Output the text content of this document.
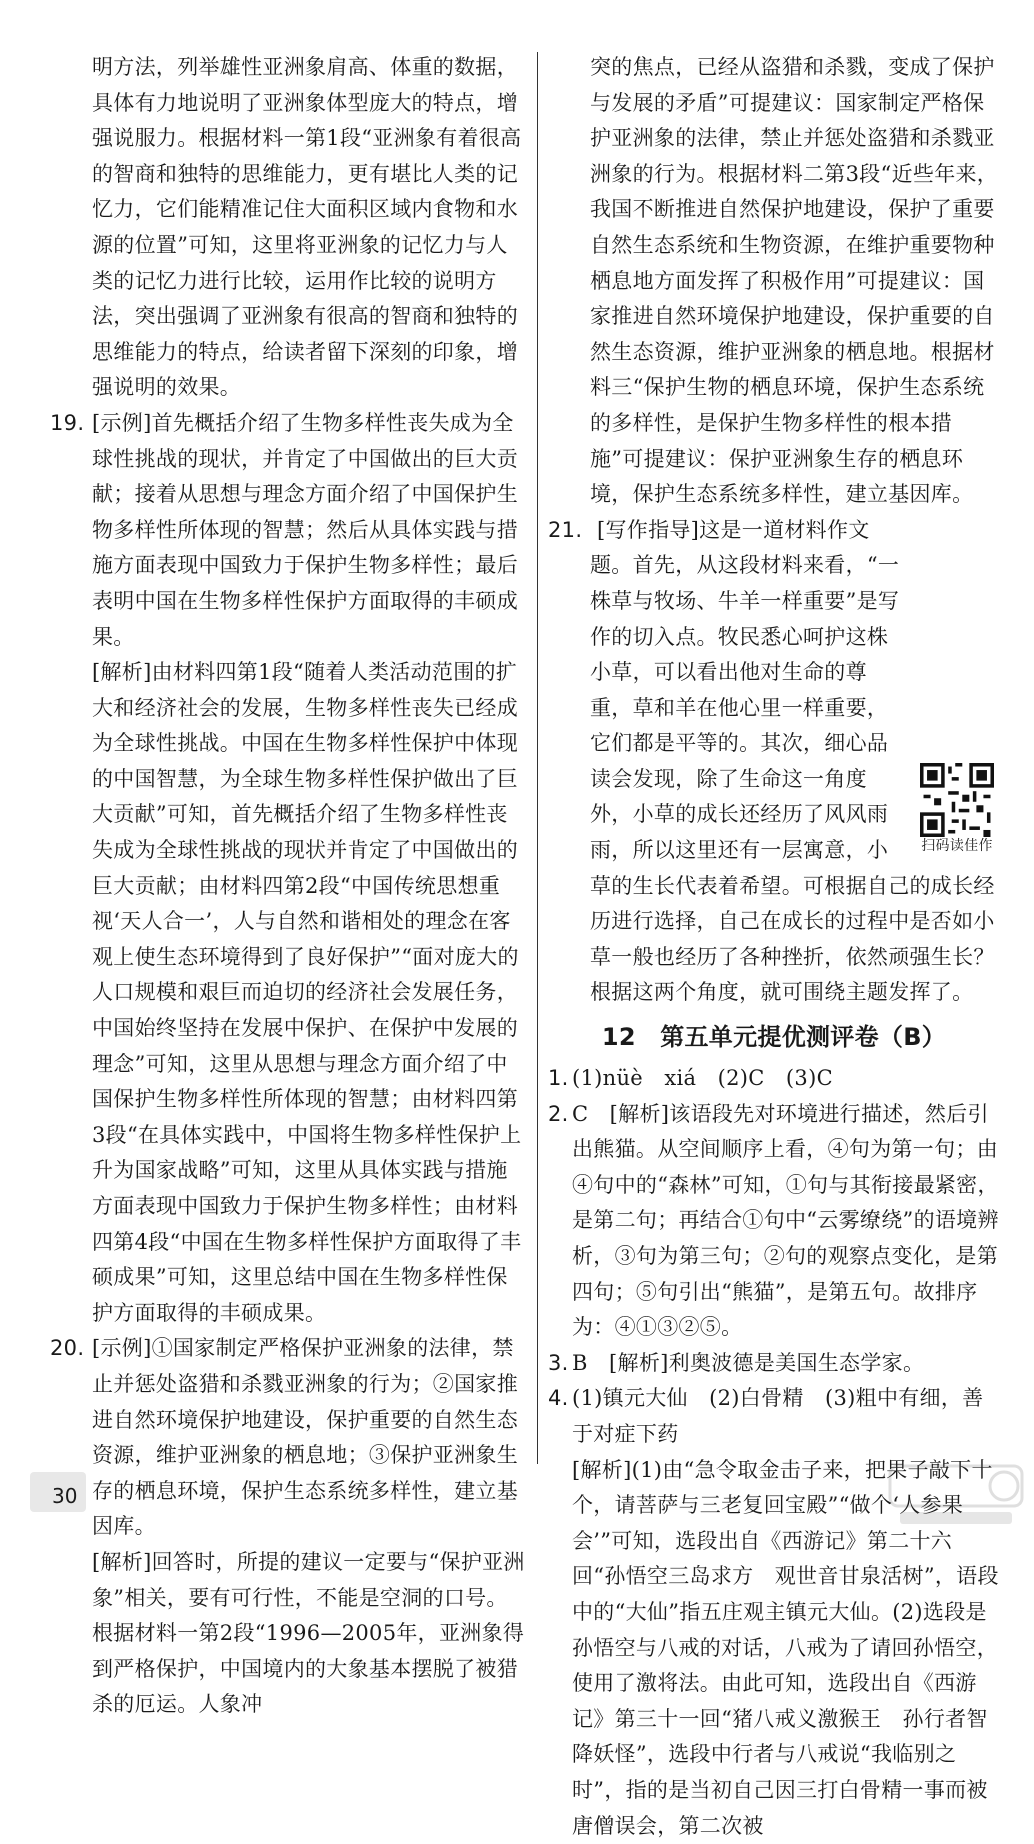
30

明方法，列举雄性亚洲象肩高、体重的数据，具体有力地说明了亚洲象体型庞大的特点，增强说服力。根据材料一第1段“亚洲象有着很高的智商和独特的思维能力，更有堪比人类的记忆力，它们能精准记住大面积区域内食物和水源的位置”可知，这里将亚洲象的记忆力与人类的记忆力进行比较，运用作比较的说明方法，突出强调了亚洲象有很高的智商和独特的思维能力的特点，给读者留下深刻的印象，增强说明的效果。

19. [示例]首先概括介绍了生物多样性丧失成为全球性挑战的现状，并肯定了中国做出的巨大贡献；接着从思想与理念方面介绍了中国保护生物多样性所体现的智慧；然后从具体实践与措施方面表现中国致力于保护生物多样性；最后表明中国在生物多样性保护方面取得的丰硕成果。

[解析]由材料四第1段“随着人类活动范围的扩大和经济社会的发展，生物多样性丧失已经成为全球性挑战。中国在生物多样性保护中体现的中国智慧，为全球生物多样性保护做出了巨大贡献”可知，首先概括介绍了生物多样性丧失成为全球性挑战的现状并肯定了中国做出的巨大贡献；由材料四第2段“中国传统思想重视‘天人合一’，人与自然和谐相处的理念在客观上使生态环境得到了良好保护”“面对庞大的人口规模和艰巨而迫切的经济社会发展任务，中国始终坚持在发展中保护、在保护中发展的理念”可知，这里从思想与理念方面介绍了中国保护生物多样性所体现的智慧；由材料四第3段“在具体实践中，中国将生物多样性保护上升为国家战略”可知，这里从具体实践与措施方面表现中国致力于保护生物多样性；由材料四第4段“中国在生物多样性保护方面取得了丰硕成果”可知，这里总结中国在生物多样性保护方面取得的丰硕成果。

20. [示例]①国家制定严格保护亚洲象的法律，禁止并惩处盗猎和杀戮亚洲象的行为；②国家推进自然环境保护地建设，保护重要的自然生态资源，维护亚洲象的栖息地；③保护亚洲象生存的栖息环境，保护生态系统多样性，建立基因库。

[解析]回答时，所提的建议一定要与“保护亚洲象”相关，要有可行性，不能是空洞的口号。根据材料一第2段“1996—2005年，亚洲象得到严格保护，中国境内的大象基本摆脱了被猎杀的厄运。人象冲

突的焦点，已经从盗猎和杀戮，变成了保护与发展的矛盾”可提建议：国家制定严格保护亚洲象的法律，禁止并惩处盗猎和杀戮亚洲象的行为。根据材料二第3段“近些年来，我国不断推进自然保护地建设，保护了重要自然生态系统和生物资源，在维护重要物种栖息地方面发挥了积极作用”可提建议：国家推进自然环境保护地建设，保护重要的自然生态资源，维护亚洲象的栖息地。根据材料三“保护生物的栖息环境，保护生态系统的多样性，是保护生物多样性的根本措施”可提建议：保护亚洲象生存的栖息环境，保护生态系统多样性，建立基因库。

21.
扫码读佳作
[写作指导]这是一道材料作文题。首先，从这段材料来看，“一株草与牧场、牛羊一样重要”是写作的切入点。牧民悉心呵护这株小草，可以看出他对生命的尊重，草和羊在他心里一样重要，它们都是平等的。其次，细心品读会发现，除了生命这一角度外，小草的成长还经历了风风雨雨，所以这里还有一层寓意，小草的生长代表着希望。可根据自己的成长经历进行选择，自己在成长的过程中是否如小草一般也经历了各种挫折，依然顽强生长？根据这两个角度，就可围绕主题发挥了。
12　第五单元提优测评卷（B）

1. (1)nüè　xiá　(2)C　(3)C

2. C　[解析]该语段先对环境进行描述，然后引出熊猫。从空间顺序上看，④句为第一句；由④句中的“森林”可知，①句与其衔接最紧密，是第二句；再结合①句中“云雾缭绕”的语境辨析，③句为第三句；②句的观察点变化，是第四句；⑤句引出“熊猫”，是第五句。故排序为：④①③②⑤。

3. B　[解析]利奥波德是美国生态学家。

4. (1)镇元大仙　(2)白骨精　(3)粗中有细，善于对症下药

[解析](1)由“急令取金击子来，把果子敲下十个，请菩萨与三老复回宝殿”“做个‘人参果会’”可知，选段出自《西游记》第二十六回“孙悟空三岛求方　观世音甘泉活树”，语段中的“大仙”指五庄观主镇元大仙。(2)选段是孙悟空与八戒的对话，八戒为了请回孙悟空，使用了激将法。由此可知，选段出自《西游记》第三十一回“猪八戒义激猴王　孙行者智降妖怪”，选段中行者与八戒说“我临别之时”，指的是当初自己因三打白骨精一事而被唐僧误会，第二次被
